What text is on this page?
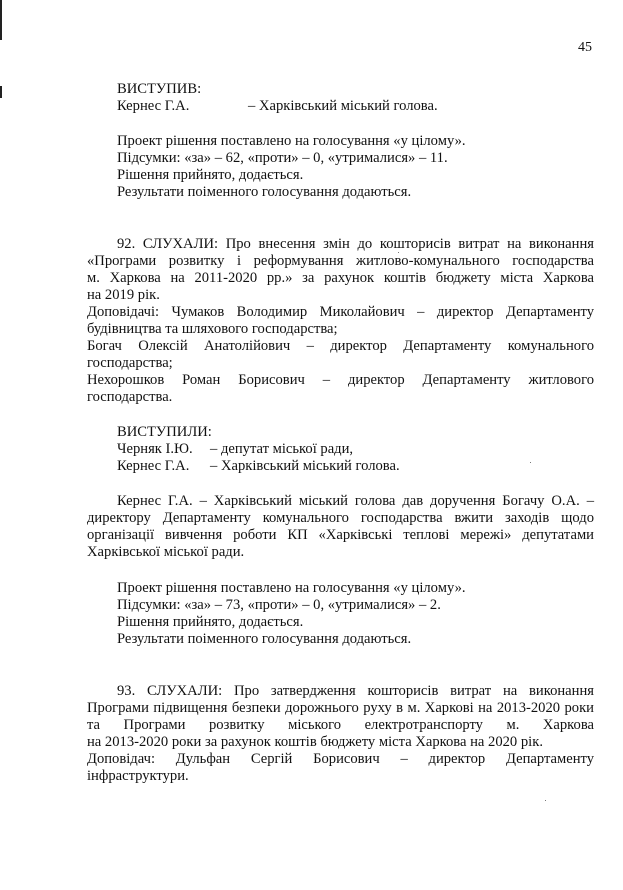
45
ВИСТУПИВ:
Кернес Г.А.	– Харківський міський голова.
Проект рішення поставлено на голосування «у цілому».
Підсумки: «за» – 62, «проти» – 0, «утрималися» – 11.
Рішення прийнято, додається.
Результати поіменного голосування додаються.
92. СЛУХАЛИ: Про внесення змін до кошторисів витрат на виконання
«Програми розвитку і реформування житлово-комунального господарства
м. Харкова на 2011-2020 рр.» за рахунок коштів бюджету міста Харкова
на 2019 рік.
Доповідачі: Чумаков Володимир Миколайович – директор Департаменту
будівництва та шляхового господарства;
Богач Олексій Анатолійович – директор Департаменту комунального
господарства;
Нехорошков Роман Борисович – директор Департаменту житлового
господарства.
ВИСТУПИЛИ:
Черняк І.Ю. – депутат міської ради,
Кернес Г.А. – Харківський міський голова.
Кернес Г.А. – Харківський міський голова дав доручення Богачу О.А. –
директору Департаменту комунального господарства вжити заходів щодо
організації вивчення роботи КП «Харківські теплові мережі» депутатами
Харківської міської ради.
Проект рішення поставлено на голосування «у цілому».
Підсумки: «за» – 73, «проти» – 0, «утрималися» – 2.
Рішення прийнято, додається.
Результати поіменного голосування додаються.
93. СЛУХАЛИ: Про затвердження кошторисів витрат на виконання
Програми підвищення безпеки дорожнього руху в м. Харкові на 2013-2020 роки
та Програми розвитку міського електротранспорту м. Харкова
на 2013-2020 роки за рахунок коштів бюджету міста Харкова на 2020 рік.
Доповідач: Дульфан Сергій Борисович – директор Департаменту
інфраструктури.
